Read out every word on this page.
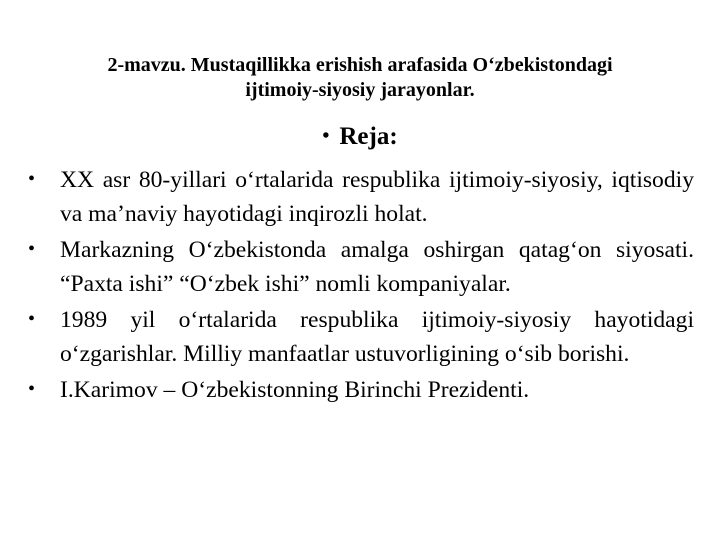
2-mavzu. Mustaqillikka erishish arafasida O‘zbekistondagi
ijtimoiy-siyosiy jarayonlar.
• Reja:
• XX asr 80-yillari o‘rtalarida respublika ijtimoiy-siyosiy, iqtisodiy va ma’naviy hayotidagi inqirozli holat.
• Markazning O‘zbekistonda amalga oshirgan qatag‘on siyosati. “Paxta ishi” “O‘zbek ishi” nomli kompaniyalar.
• 1989 yil o‘rtalarida respublika ijtimoiy-siyosiy hayotidagi o‘zgarishlar. Milliy manfaatlar ustuvorligining o‘sib borishi.
• I.Karimov – O‘zbekistonning Birinchi Prezidenti.
